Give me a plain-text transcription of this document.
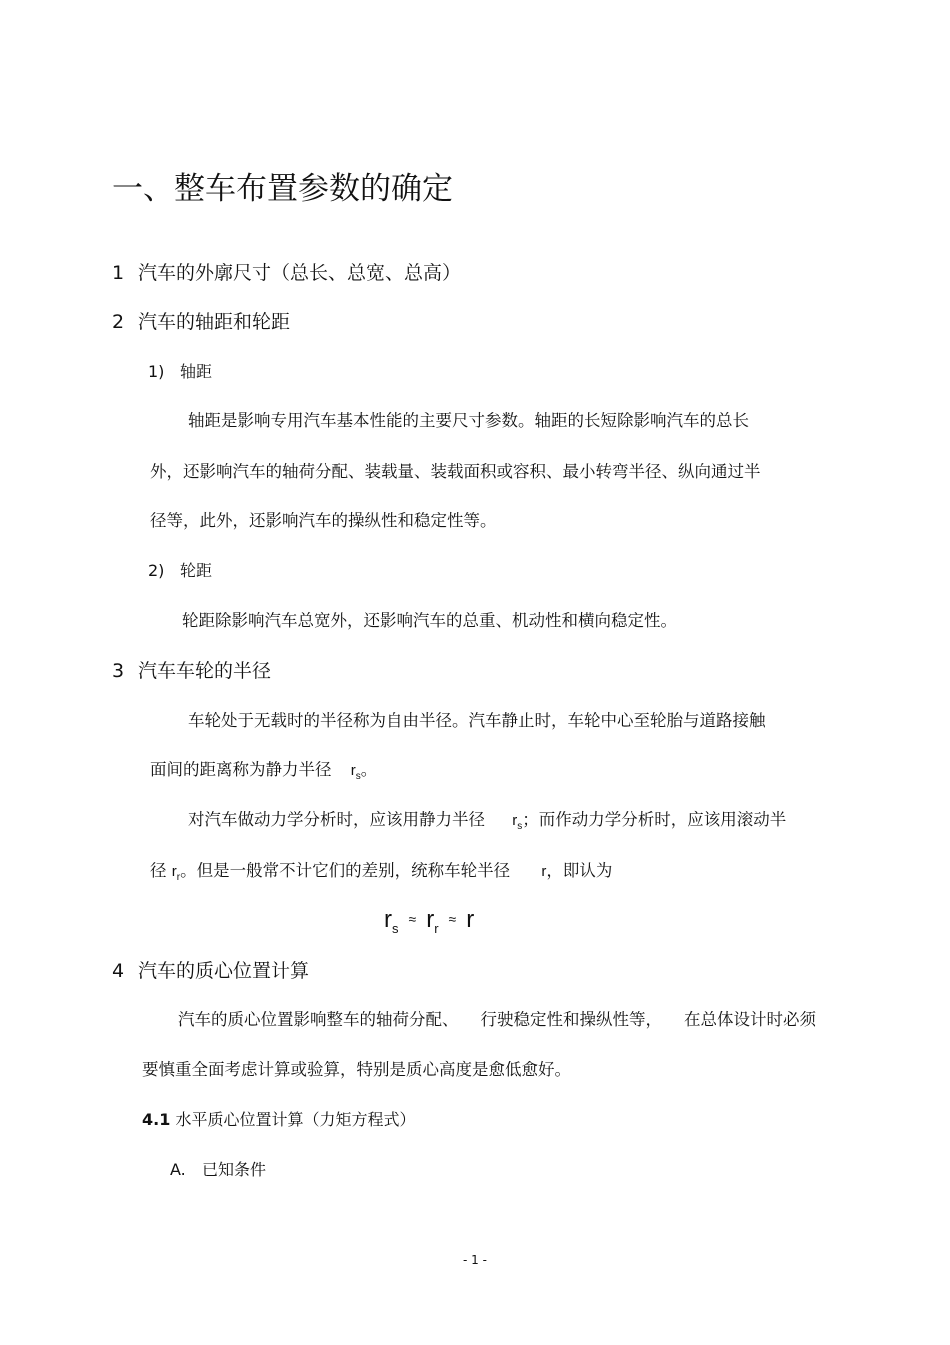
一、整车布置参数的确定
1 汽车的外廓尺寸（总长、总宽、总高）
2 汽车的轴距和轮距
1) 轴距
轴距是影响专用汽车基本性能的主要尺寸参数。轴距的长短除影响汽车的总长
外，还影响汽车的轴荷分配、装载量、装载面积或容积、最小转弯半径、纵向通过半
径等，此外，还影响汽车的操纵性和稳定性等。
2) 轮距
轮距除影响汽车总宽外，还影响汽车的总重、机动性和横向稳定性。
3 汽车车轮的半径
车轮处于无载时的半径称为自由半径。汽车静止时，车轮中心至轮胎与道路接触
面间的距离称为静力半径 $r_s$。
对汽车做动力学分析时，应该用静力半径 $r_s$；而作动力学分析时，应该用滚动半
径 $r_r$。但是一般常不计它们的差别，统称车轮半径 r，即认为
$r_s\approx r_r\approx r$
4 汽车的质心位置计算
汽车的质心位置影响整车的轴荷分配、 行驶稳定性和操纵性等， 在总体设计时必须
要慎重全面考虑计算或验算，特别是质心高度是愈低愈好。
4.1 水平质心位置计算（力矩方程式）
A. 已知条件
- 1 -
